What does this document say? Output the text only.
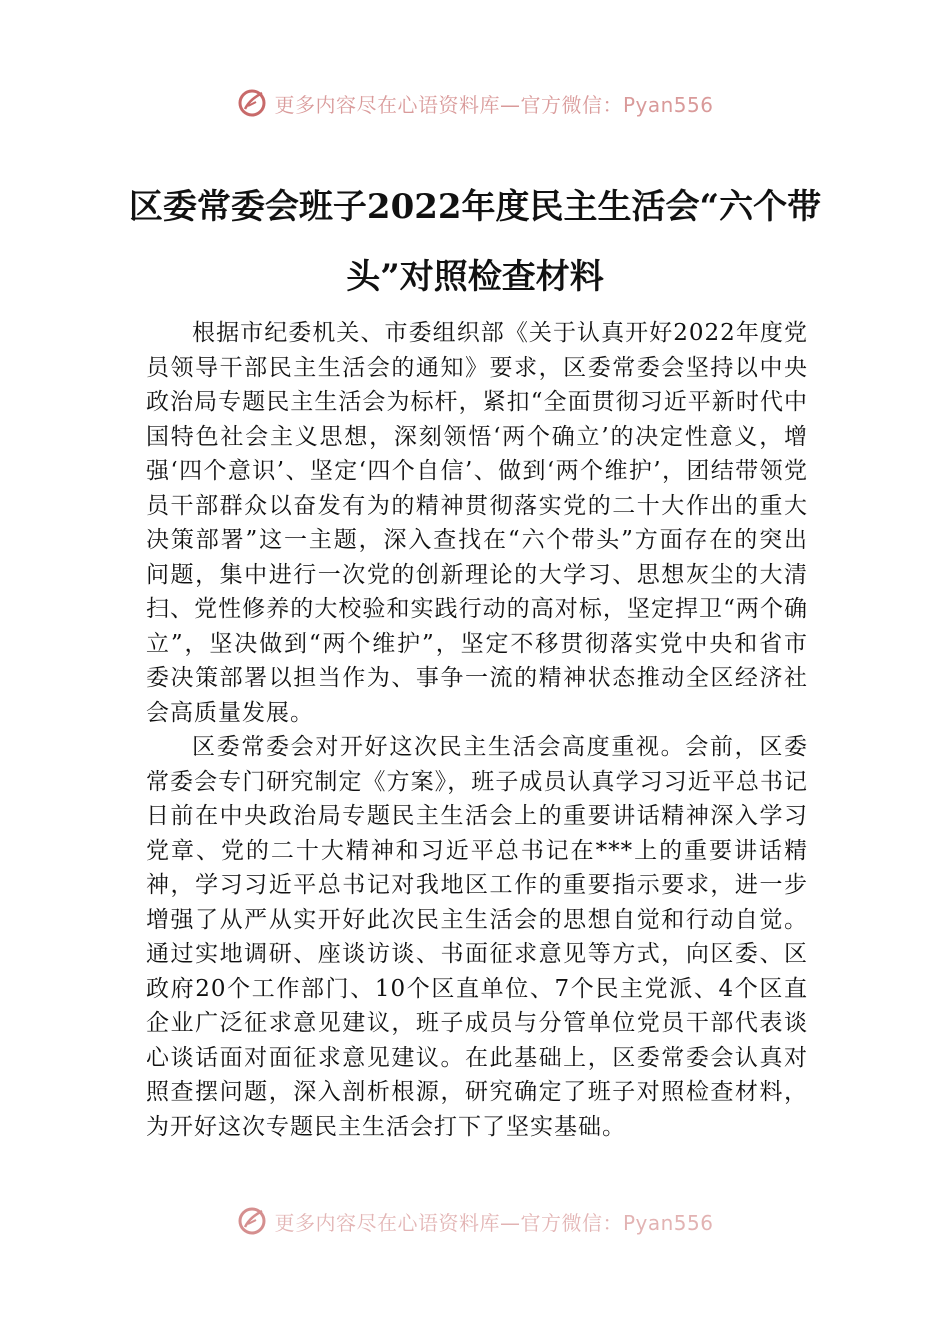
更多内容尽在心语资料库—官方微信：Pyan556
区委常委会班子2022年度民主生活会“六个带头”对照检查材料

根据市纪委机关、市委组织部《关于认真开好2022年度党员领导干部民主生活会的通知》要求，区委常委会坚持以中央政治局专题民主生活会为标杆，紧扣“全面贯彻习近平新时代中国特色社会主义思想，深刻领悟‘两个确立’的决定性意义，增强‘四个意识’、坚定‘四个自信’、做到‘两个维护’，团结带领党员干部群众以奋发有为的精神贯彻落实党的二十大作出的重大决策部署”这一主题，深入查找在“六个带头”方面存在的突出问题，集中进行一次党的创新理论的大学习、思想灰尘的大清扫、党性修养的大校验和实践行动的高对标，坚定捍卫“两个确立”，坚决做到“两个维护”，坚定不移贯彻落实党中央和省市委决策部署以担当作为、事争一流的精神状态推动全区经济社会高质量发展。

区委常委会对开好这次民主生活会高度重视。会前，区委常委会专门研究制定《方案》，班子成员认真学习习近平总书记日前在中央政治局专题民主生活会上的重要讲话精神深入学习党章、党的二十大精神和习近平总书记在***上的重要讲话精神，学习习近平总书记对我地区工作的重要指示要求，进一步增强了从严从实开好此次民主生活会的思想自觉和行动自觉。通过实地调研、座谈访谈、书面征求意见等方式，向区委、区政府20个工作部门、10个区直单位、7个民主党派、4个区直企业广泛征求意见建议，班子成员与分管单位党员干部代表谈心谈话面对面征求意见建议。在此基础上，区委常委会认真对照查摆问题，深入剖析根源，研究确定了班子对照检查材料，为开好这次专题民主生活会打下了坚实基础。

更多内容尽在心语资料库—官方微信：Pyan556
